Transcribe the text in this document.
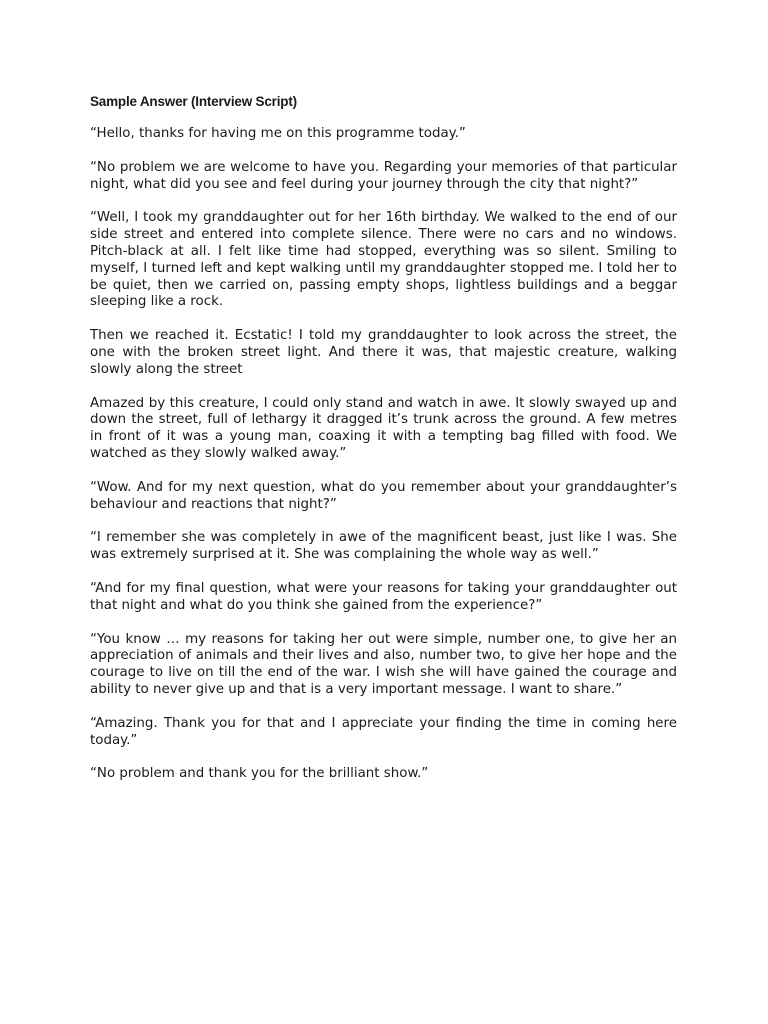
Sample Answer (Interview Script)

“Hello, thanks for having me on this programme today.”

“No problem we are welcome to have you. Regarding your memories of that particular night, what did you see and feel during your journey through the city that night?”

“Well, I took my granddaughter out for her 16th birthday. We walked to the end of our side street and entered into complete silence. There were no cars and no windows. Pitch-black at all. I felt like time had stopped, everything was so silent. Smiling to myself, I turned left and kept walking until my granddaughter stopped me. I told her to be quiet, then we carried on, passing empty shops, lightless buildings and a beggar sleeping like a rock.

Then we reached it. Ecstatic! I told my granddaughter to look across the street, the one with the broken street light. And there it was, that majestic creature, walking slowly along the street

Amazed by this creature, I could only stand and watch in awe. It slowly swayed up and down the street, full of lethargy it dragged it’s trunk across the ground. A few metres in front of it was a young man, coaxing it with a tempting bag filled with food. We watched as they slowly walked away.”

“Wow. And for my next question, what do you remember about your granddaughter’s behaviour and reactions that night?”

“I remember she was completely in awe of the magnificent beast, just like I was. She was extremely surprised at it. She was complaining the whole way as well.”

“And for my final question, what were your reasons for taking your granddaughter out that night and what do you think she gained from the experience?”

“You know … my reasons for taking her out were simple, number one, to give her an appreciation of animals and their lives and also, number two, to give her hope and the courage to live on till the end of the war. I wish she will have gained the courage and ability to never give up and that is a very important message. I want to share.”

“Amazing. Thank you for that and I appreciate your finding the time in coming here today.”

“No problem and thank you for the brilliant show.”
